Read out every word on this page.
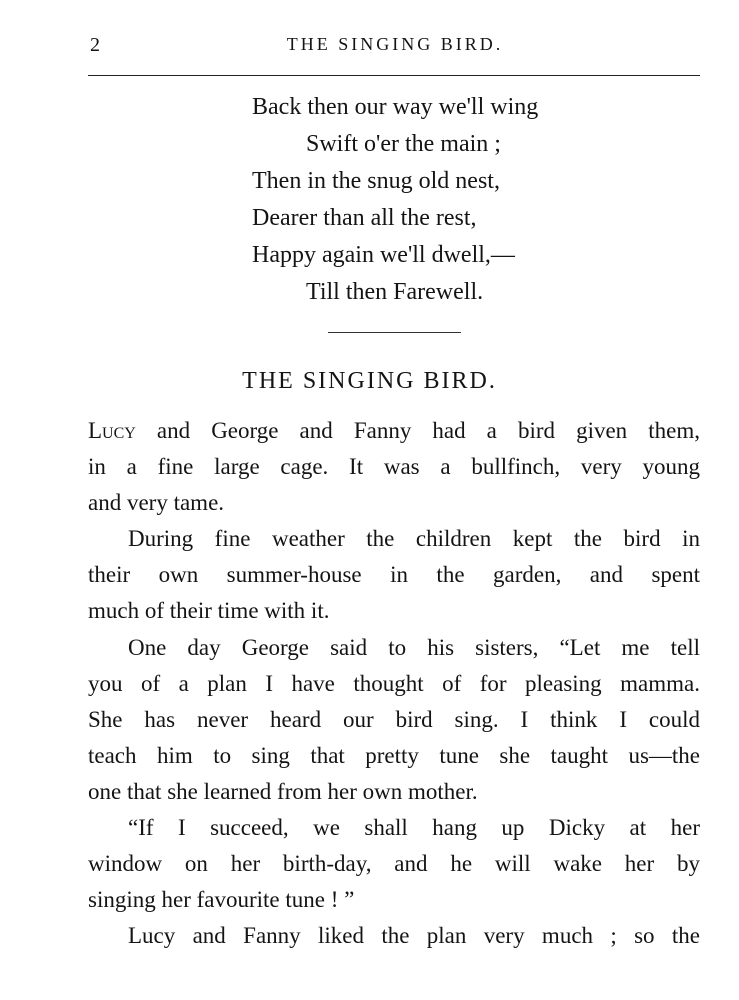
2	THE SINGING BIRD.
Back then our way we'll wing
Swift o'er the main ;
Then in the snug old nest,
Dearer than all the rest,
Happy again we'll dwell,—
Till then Farewell.
THE SINGING BIRD.
Lucy and George and Fanny had a bird given them,
in a fine large cage. It was a bullfinch, very young
and very tame.
During fine weather the children kept the bird in
their own summer-house in the garden, and spent
much of their time with it.
One day George said to his sisters, “Let me tell
you of a plan I have thought of for pleasing mamma.
She has never heard our bird sing. I think I could
teach him to sing that pretty tune she taught us—the
one that she learned from her own mother.
“If I succeed, we shall hang up Dicky at her
window on her birth-day, and he will wake her by
singing her favourite tune ! ”
Lucy and Fanny liked the plan very much ; so the
